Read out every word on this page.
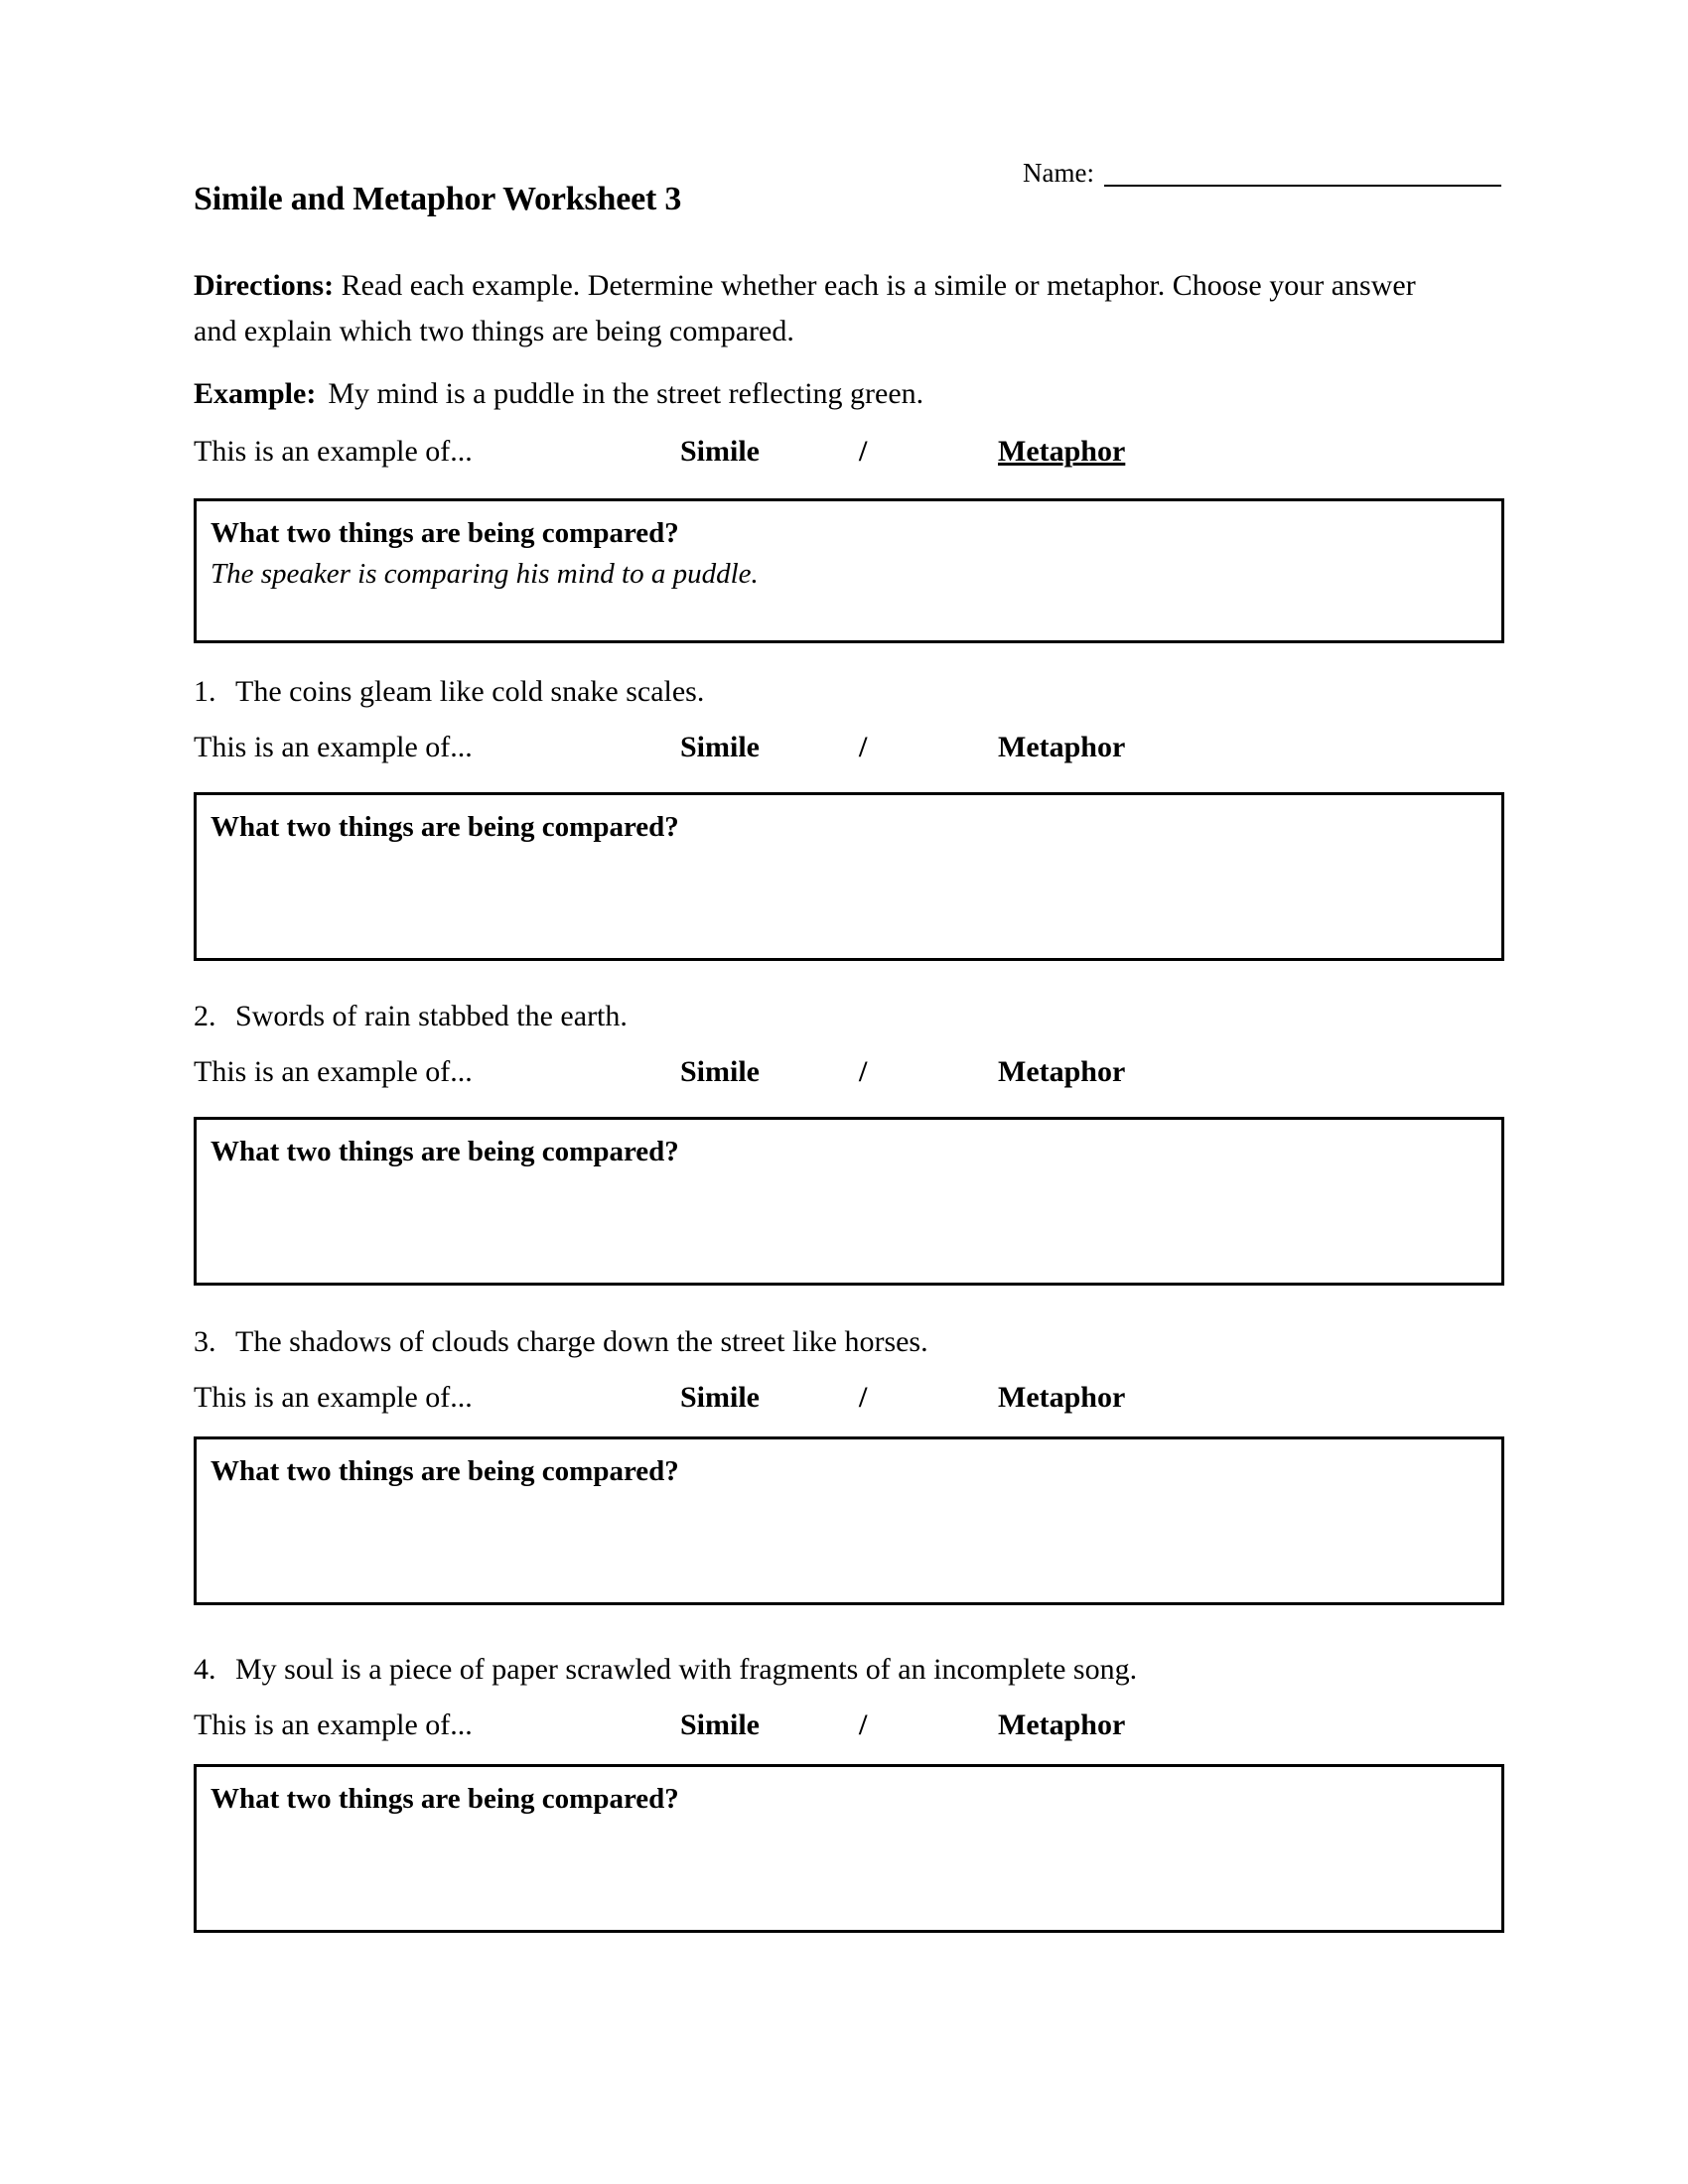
Name:
Simile and Metaphor Worksheet 3
Directions: Read each example. Determine whether each is a simile or metaphor. Choose your answer and explain which two things are being compared.
Example: My mind is a puddle in the street reflecting green.
This is an example of...	Simile	/	Metaphor
What two things are being compared?
The speaker is comparing his mind to a puddle.
1. The coins gleam like cold snake scales.
This is an example of...	Simile	/	Metaphor
What two things are being compared?
2. Swords of rain stabbed the earth.
This is an example of...	Simile	/	Metaphor
What two things are being compared?
3. The shadows of clouds charge down the street like horses.
This is an example of...	Simile	/	Metaphor
What two things are being compared?
4. My soul is a piece of paper scrawled with fragments of an incomplete song.
This is an example of...	Simile	/	Metaphor
What two things are being compared?
